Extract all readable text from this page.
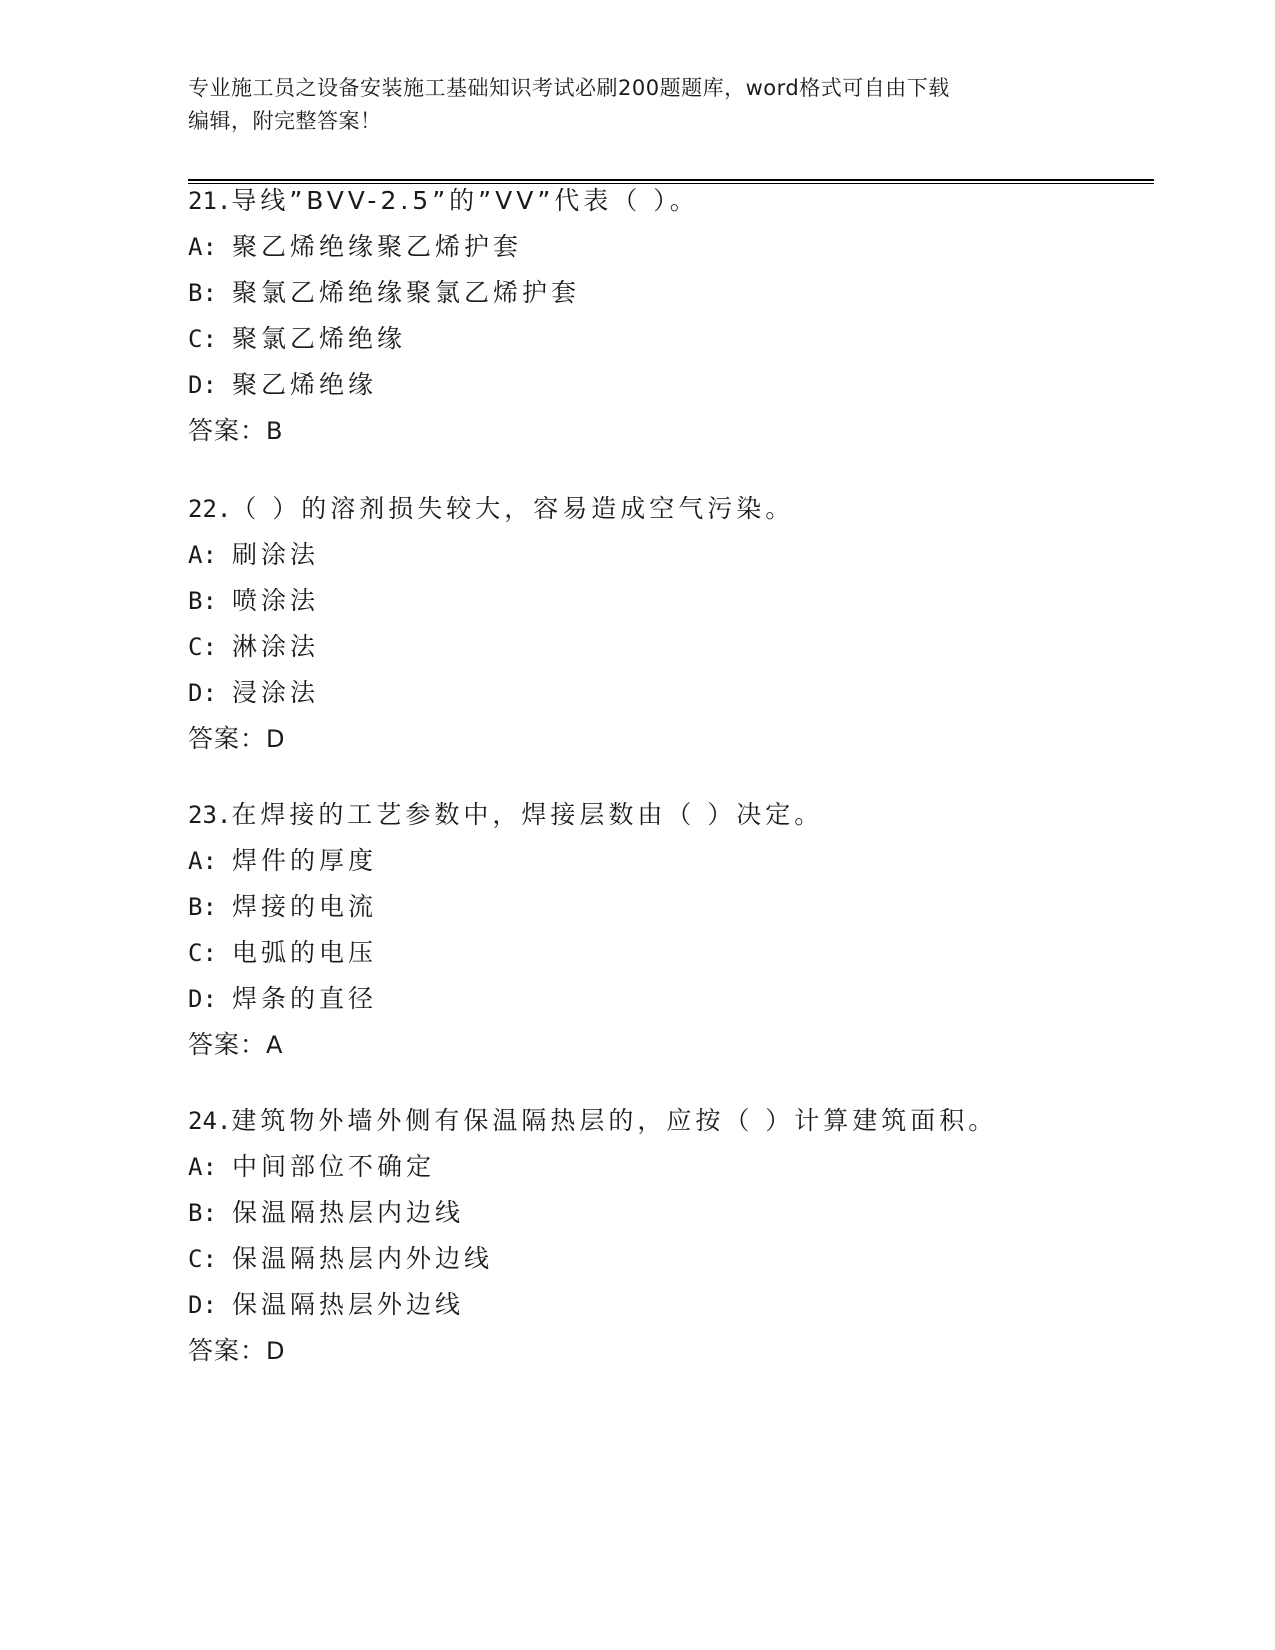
专业施工员之设备安装施工基础知识考试必刷200题题库，word格式可自由下载
编辑，附完整答案！
21.导线”BVV-2.5”的”VV”代表（ ）。
A: 聚乙烯绝缘聚乙烯护套
B: 聚氯乙烯绝缘聚氯乙烯护套
C: 聚氯乙烯绝缘
D: 聚乙烯绝缘
答案：B
22.（ ）的溶剂损失较大，容易造成空气污染。
A: 刷涂法
B: 喷涂法
C: 淋涂法
D: 浸涂法
答案：D
23.在焊接的工艺参数中，焊接层数由（ ）决定。
A: 焊件的厚度
B: 焊接的电流
C: 电弧的电压
D: 焊条的直径
答案：A
24.建筑物外墙外侧有保温隔热层的，应按（ ）计算建筑面积。
A: 中间部位不确定
B: 保温隔热层内边线
C: 保温隔热层内外边线
D: 保温隔热层外边线
答案：D
